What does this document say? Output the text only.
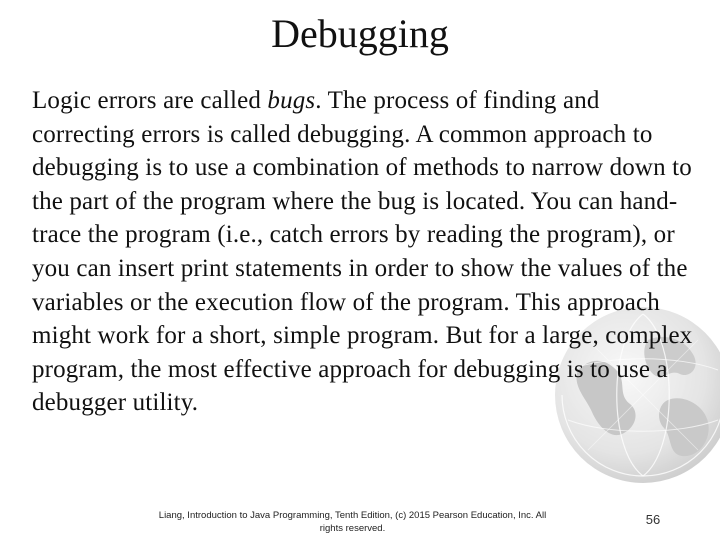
Debugging

Logic errors are called bugs. The process of finding and correcting errors is called debugging. A common approach to debugging is to use a combination of methods to narrow down to the part of the program where the bug is located. You can hand-trace the program (i.e., catch errors by reading the program), or you can insert print statements in order to show the values of the variables or the execution flow of the program. This approach might work for a short, simple program. But for a large, complex program, the most effective approach for debugging is to use a debugger utility.

Liang, Introduction to Java Programming, Tenth Edition, (c) 2015 Pearson Education, Inc. All
rights reserved.
56
